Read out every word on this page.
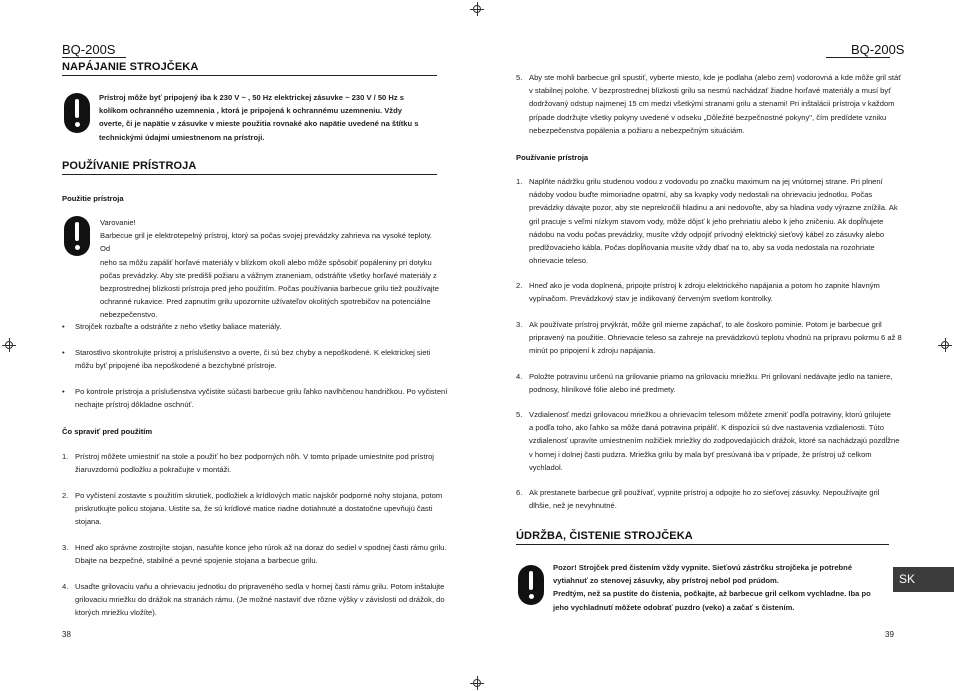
BQ-200S
NAPÁJANIE STROJČEKA
Prístroj môže byť pripojený iba k 230 V ~ , 50 Hz elektrickej zásuvke ~ 230 V / 50 Hz s
kolíkom ochranného uzemnenia , ktorá je pripojená k ochrannému uzemneniu. Vždy
overte, či je napätie v zásuvke v mieste použitia rovnaké ako napätie uvedené na štítku s
technickými údajmi umiestnenom na prístroji.
POUŽÍVANIE PRÍSTROJA
Použitie prístroja
Varovanie!
Barbecue gril je elektrotepelný prístroj, ktorý sa počas svojej prevádzky zahrieva na vysoké teploty. Od
neho sa môžu zapáliť horľavé materiály v blízkom okolí alebo môže spôsobiť popáleniny pri dotyku
počas prevádzky. Aby ste predišli požiaru a vážnym zraneniam, odstráňte všetky horľavé materiály z
bezprostrednej blízkosti prístroja pred jeho použitím. Počas používania barbecue grilu tiež používajte
ochranné rukavice. Pred zapnutím grilu upozornite užívateľov okolitých spotrebičov na potenciálne
nebezpečenstvo.
• Strojček rozbaľte a odstráňte z neho všetky baliace materiály.
• Starostlivo skontrolujte prístroj a príslušenstvo a overte, či sú bez chyby a nepoškodené. K elektrickej sieti
môžu byť pripojené iba nepoškodené a bezchybné prístroje.
• Po kontrole prístroja a príslušenstva vyčistite súčasti barbecue grilu ľahko navlhčenou handričkou. Po vyčistení
nechajte prístroj dôkladne oschnúť.
Čo spraviť pred použitím
1. Prístroj môžete umiestniť na stole a použiť ho bez podporných nôh. V tomto prípade umiestnite pod prístroj
žiaruvzdornú podložku a pokračujte v montáži.
2. Po vyčistení zostavte s použitím skrutiek, podložiek a krídlových matíc najskôr podporné nohy stojana, potom
priskrutkujte policu stojana. Uistite sa, že sú krídlové matice riadne dotiahnuté a dostatočne upevňujú časti
stojana.
3. Hneď ako správne zostrojíte stojan, nasuňte konce jeho rúrok až na doraz do sediel v spodnej časti rámu grilu.
Dbajte na bezpečné, stabilné a pevné spojenie stojana a barbecue grilu.
4. Usaďte grilovaciu vaňu a ohrievaciu jednotku do pripraveného sedla v hornej časti rámu grilu. Potom inštalujte
grilovaciu mriežku do drážok na stranách rámu. (Je možné nastaviť dve rôzne výšky v závislosti od drážok, do
ktorých mriežku vložíte).
38
BQ-200S
5. Aby ste mohli barbecue gril spustiť, vyberte miesto, kde je podlaha (alebo zem) vodorovná a kde môže gril stáť
v stabilnej polohe. V bezprostrednej blízkosti grilu sa nesmú nachádzať žiadne horľavé materiály a musí byť
dodržovaný odstup najmenej 15 cm medzi všetkými stranami grilu a stenami! Pri inštalácii prístroja v každom
prípade dodržujte všetky pokyny uvedené v odseku „Dôležité bezpečnostné pokyny", čím predídete vzniku
nebezpečenstva popálenia a požiaru a nebezpečným situáciám.
Používanie prístroja
1. Naplňte nádržku grilu studenou vodou z vodovodu po značku maximum na jej vnútornej strane. Pri plnení
nádoby vodou buďte mimoriadne opatrní, aby sa kvapky vody nedostali na ohrievaciu jednotku. Počas
prevádzky dávajte pozor, aby ste neprekročili hladinu a ani nedovoľte, aby sa hladina vody výrazne znížila. Ak
gril pracuje s veľmi nízkym stavom vody, môže dôjsť k jeho prehriatiu alebo k jeho zničeniu. Ak dopĺňujete
nádobu na vodu počas prevádzky, musíte vždy odpojiť prívodný elektrický sieťový kábel zo zásuvky alebo
predlžovacieho kábla. Počas dopĺňovania musíte vždy dbať na to, aby sa voda nedostala na rozohriate
ohrievacie teleso.
2. Hneď ako je voda doplnená, pripojte prístroj k zdroju elektrického napájania a potom ho zapnite hlavným
vypínačom. Prevádzkový stav je indikovaný červeným svetlom kontrolky.
3. Ak používate prístroj prvýkrát, môže gril mierne zapáchať, to ale čoskoro pominie. Potom je barbecue gril
pripravený na použitie. Ohrievacie teleso sa zahreje na prevádzkovú teplotu vhodnú na prípravu pokrmu 6 až 8
minút po pripojení k zdroju napájania.
4. Položte potravinu určenú na grilovanie priamo na grilovaciu mriežku. Pri grilovaní nedávajte jedlo na taniere,
podnosy, hliníkové fólie alebo iné predmety.
5. Vzdialenosť medzi grilovacou mriežkou a ohrievacím telesom môžete zmeniť podľa potraviny, ktorú grilujete
a podľa toho, ako ľahko sa môže daná potravina pripáliť. K dispozícii sú dve nastavenia vzdialenosti. Túto
vzdialenosť upravíte umiestnením nožičiek mriežky do zodpovedajúcich drážok, ktoré sa nachádzajú pozdĺžne
v hornej i dolnej časti pudzra. Mriežka grilu by mala byť presúvaná iba v prípade, že prístroj už celkom
vychladol.
6. Ak prestanete barbecue gril používať, vypnite prístroj a odpojte ho zo sieťovej zásuvky. Nepoužívajte gril
dlhšie, než je nevyhnutné.
ÚDRŽBA, ČISTENIE STROJČEKA
Pozor! Strojček pred čistením vždy vypnite. Sieťovú zástrčku strojčeka je potrebné
vytiahnuť zo stenovej zásuvky, aby prístroj nebol pod prúdom.
Predtým, než sa pustíte do čistenia, počkajte, až barbecue gril celkom vychladne. Iba po
jeho vychladnutí môžete odobrať puzdro (veko) a začať s čistením.
39
SK
